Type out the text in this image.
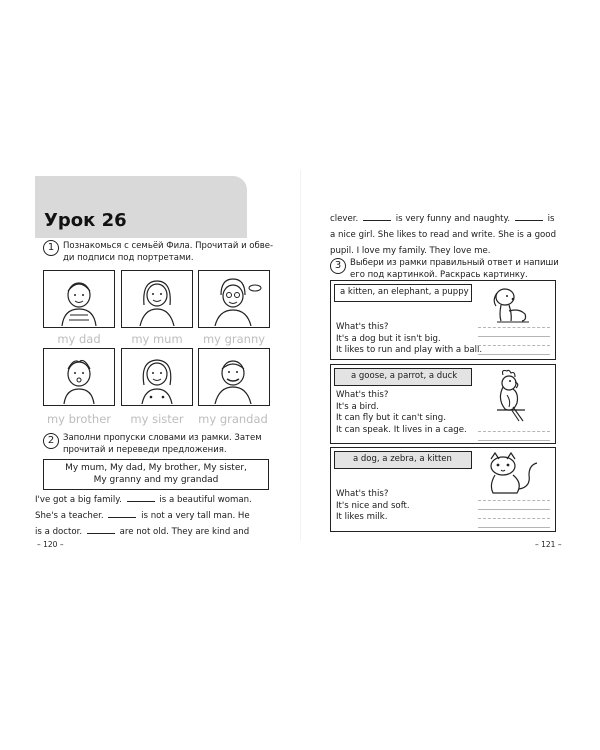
Урок 26
1	Познакомься с семьёй Фила. Прочитай и обве-
ди подписи под портретами.
my dad	my mum	my granny
my brother	my sister	my grandad
2	Заполни пропуски словами из рамки. Затем
прочитай и переведи предложения.
My mum, My dad, My brother, My sister,
My granny and my grandad
I've got a big family.	is a beautiful woman.
She's a teacher.	is not a very tall man. He
is a doctor.	are not old. They are kind and
– 120 –
clever.	is very funny and naughty.	is
a nice girl. She likes to read and write. She is a good
pupil. I love my family. They love me.
3	Выбери из рамки правильный ответ и напиши
его под картинкой. Раскрась картинку.
a kitten, an elephant, a puppy
What's this?
It's a dog but it isn't big.
It likes to run and play with a ball.
a goose, a parrot, a duck
What's this?
It's a bird.
It can fly but it can't sing.
It can speak. It lives in a cage.
a dog, a zebra, a kitten
What's this?
It's nice and soft.
It likes milk.
– 121 –
